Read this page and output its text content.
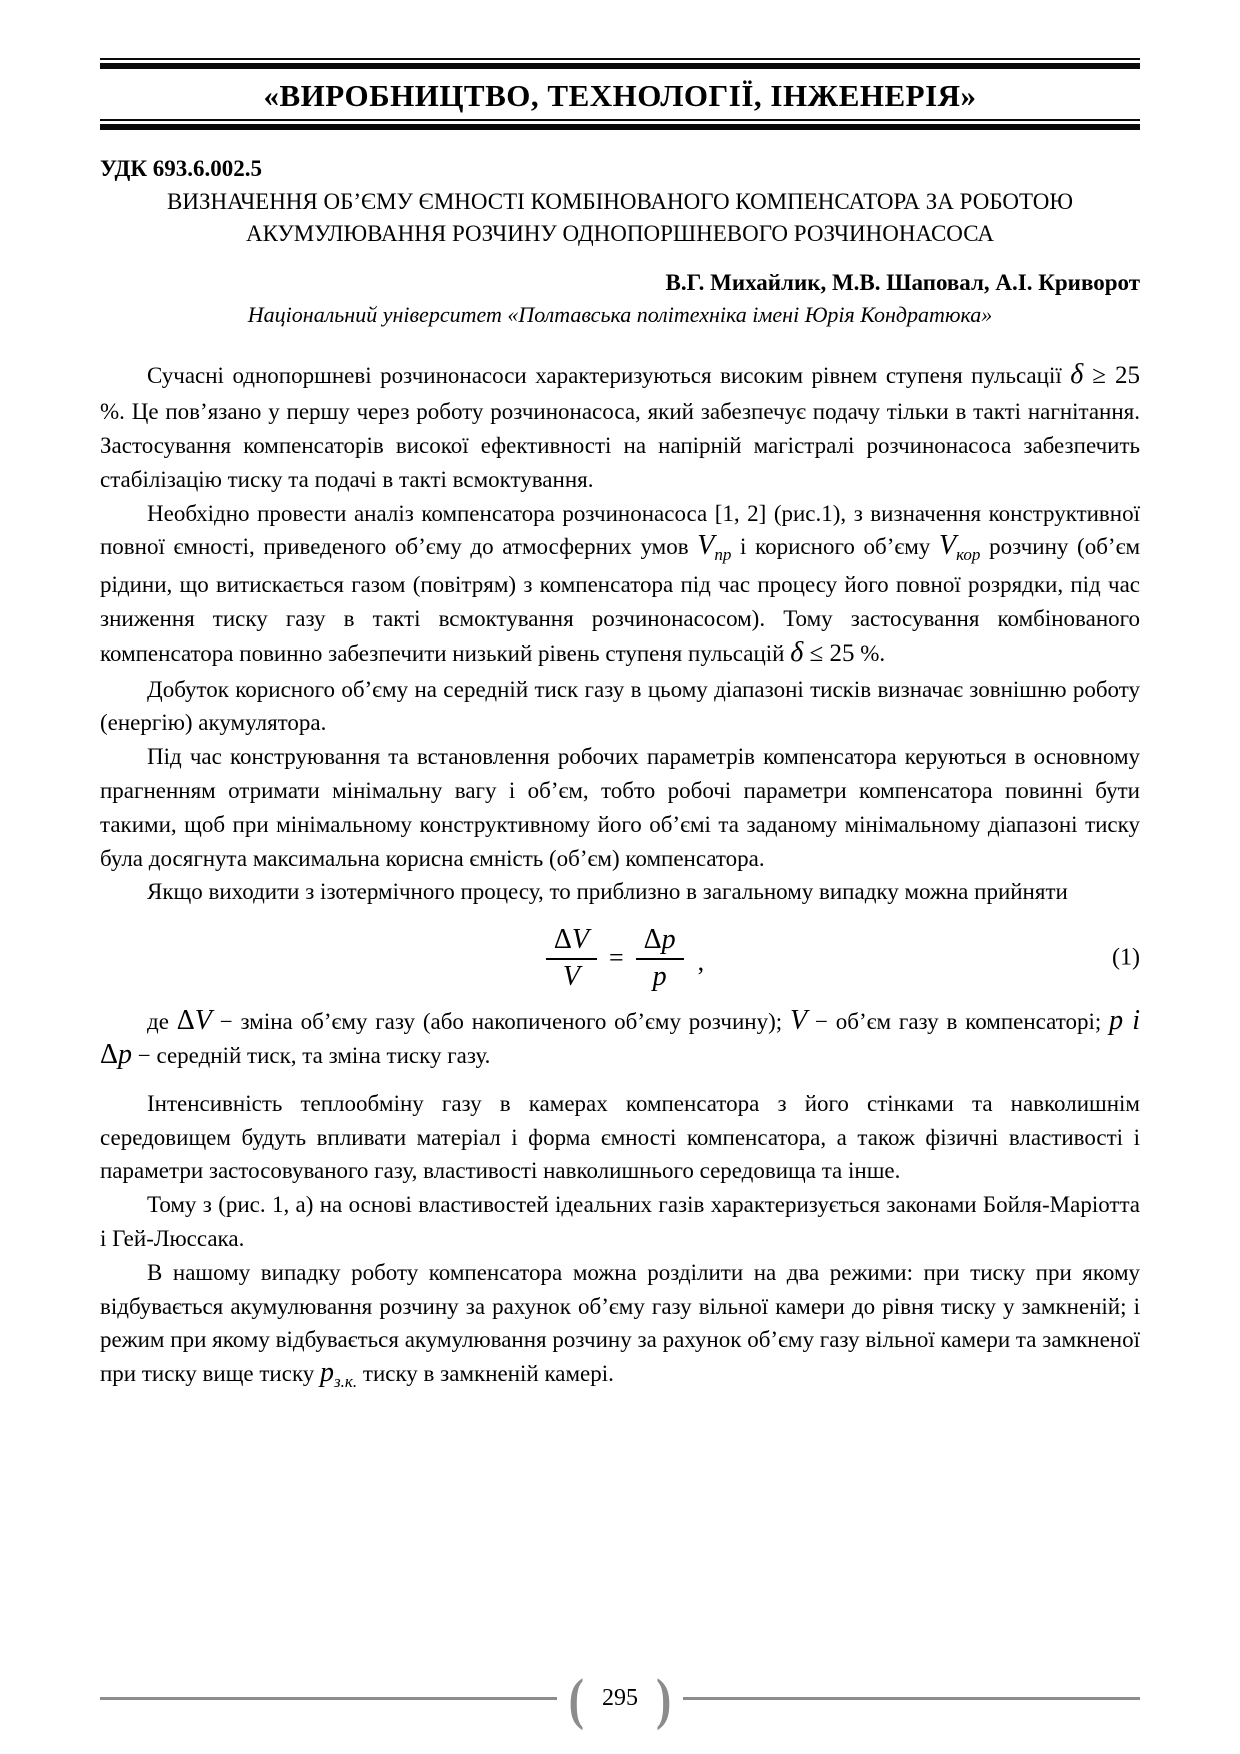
«ВИРОБНИЦТВО, ТЕХНОЛОГІЇ, ІНЖЕНЕРІЯ»
УДК 693.6.002.5
ВИЗНАЧЕННЯ ОБ’ЄМУ ЄМНОСТІ КОМБІНОВАНОГО КОМПЕНСАТОРА ЗА РОБОТОЮ АКУМУЛЮВАННЯ РОЗЧИНУ ОДНОПОРШНЕВОГО РОЗЧИНОНАСОСА
В.Г. Михайлик, М.В. Шаповал, А.І. Криворот
Національний університет «Полтавська політехніка імені Юрія Кондратюка»

Сучасні однопоршневі розчинонасоси характеризуються високим рівнем ступеня пульсації δ ≥ 25 %. Це пов’язано у першу через роботу розчинонасоса, який забезпечує подачу тільки в такті нагнітання. Застосування компенсаторів високої ефективності на напірній магістралі розчинонасоса забезпечить стабілізацію тиску та подачі в такті всмоктування.

Необхідно провести аналіз компенсатора розчинонасоса [1, 2] (рис.1), з визначення конструктивної повної ємності, приведеного об’єму до атмосферних умов $V_{пр}$ і корисного об’єму $V_{кор}$ розчину (об’єм рідини, що витискається газом (повітрям) з компенсатора під час процесу його повної розрядки, під час зниження тиску газу в такті всмоктування розчинонасосом). Тому застосування комбінованого компенсатора повинно забезпечити низький рівень ступеня пульсацій δ ≤ 25 %.

Добуток корисного об’єму на середній тиск газу в цьому діапазоні тисків визначає зовнішню роботу (енергію) акумулятора.

Під час конструювання та встановлення робочих параметрів компенсатора керуються в основному прагненням отримати мінімальну вагу і об’єм, тобто робочі параметри компенсатора повинні бути такими, щоб при мінімальному конструктивному його об’ємі та заданому мінімальному діапазоні тиску була досягнута максимальна корисна ємність (об’єм) компенсатора.

Якщо виходити з ізотермічного процесу, то приблизно в загальному випадку можна прийняти

$\frac{\Delta V}{V} = \frac{\Delta p}{p}$ ,	(1)

де ΔV − зміна об’єму газу (або накопиченого об’єму розчину); V − об’єм газу в компенсаторі; p і Δp − середній тиск, та зміна тиску газу.

Інтенсивність теплообміну газу в камерах компенсатора з його стінками та навколишнім середовищем будуть впливати матеріал і форма ємності компенсатора, а також фізичні властивості і параметри застосовуваного газу, властивості навколишнього середовища та інше.

Тому з (рис. 1, а) на основі властивостей ідеальних газів характеризується законами Бойля-Маріотта і Гей-Люссака.

В нашому випадку роботу компенсатора можна розділити на два режими: при тиску при якому відбувається акумулювання розчину за рахунок об’єму газу вільної камери до рівня тиску у замкненій; і режим при якому відбувається акумулювання розчину за рахунок об’єму газу вільної камери та замкненої при тиску вище тиску $p_{з.к.}$ тиску в замкненій камері.

( 295 )
